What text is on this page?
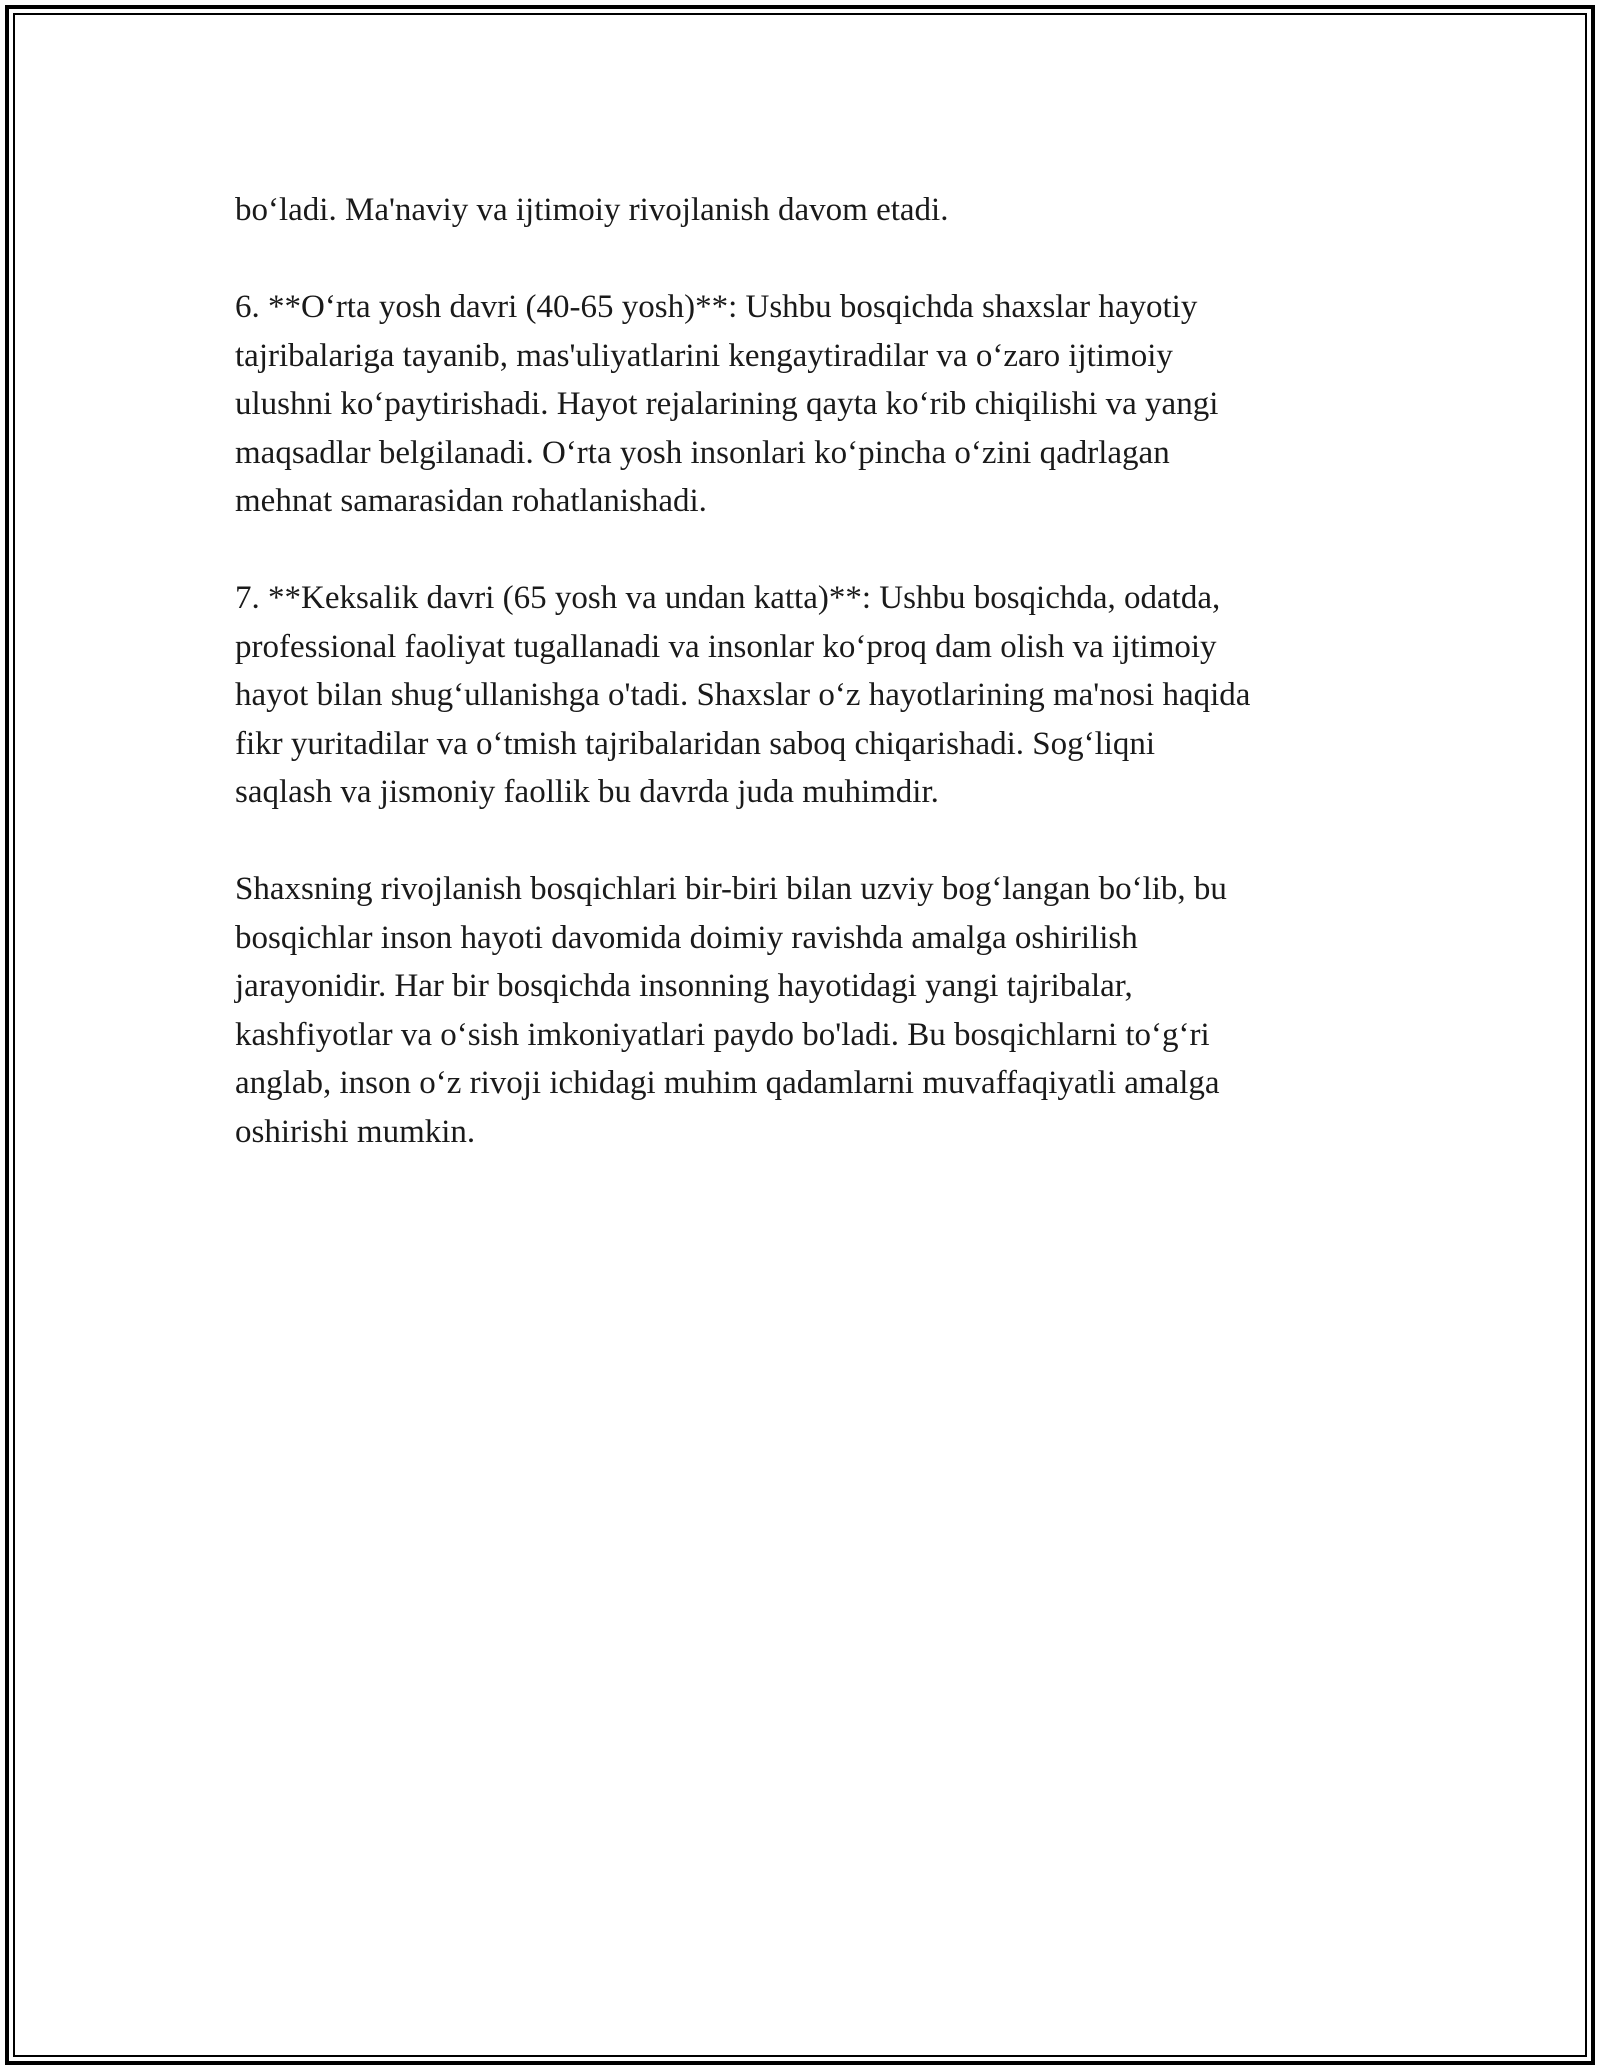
bo‘ladi. Ma'naviy va ijtimoiy rivojlanish davom etadi.

6. **O‘rta yosh davri (40-65 yosh)**: Ushbu bosqichda shaxslar hayotiy
tajribalariga tayanib, mas'uliyatlarini kengaytiradilar va o‘zaro ijtimoiy
ulushni ko‘paytirishadi. Hayot rejalarining qayta ko‘rib chiqilishi va yangi
maqsadlar belgilanadi. O‘rta yosh insonlari ko‘pincha o‘zini qadrlagan
mehnat samarasidan rohatlanishadi.

7. **Keksalik davri (65 yosh va undan katta)**: Ushbu bosqichda, odatda,
professional faoliyat tugallanadi va insonlar ko‘proq dam olish va ijtimoiy
hayot bilan shug‘ullanishga o'tadi. Shaxslar o‘z hayotlarining ma'nosi haqida
fikr yuritadilar va o‘tmish tajribalaridan saboq chiqarishadi. Sog‘liqni
saqlash va jismoniy faollik bu davrda juda muhimdir.

Shaxsning rivojlanish bosqichlari bir-biri bilan uzviy bog‘langan bo‘lib, bu
bosqichlar inson hayoti davomida doimiy ravishda amalga oshirilish
jarayonidir. Har bir bosqichda insonning hayotidagi yangi tajribalar,
kashfiyotlar va o‘sish imkoniyatlari paydo bo'ladi. Bu bosqichlarni to‘g‘ri
anglab, inson o‘z rivoji ichidagi muhim qadamlarni muvaffaqiyatli amalga
oshirishi mumkin.
